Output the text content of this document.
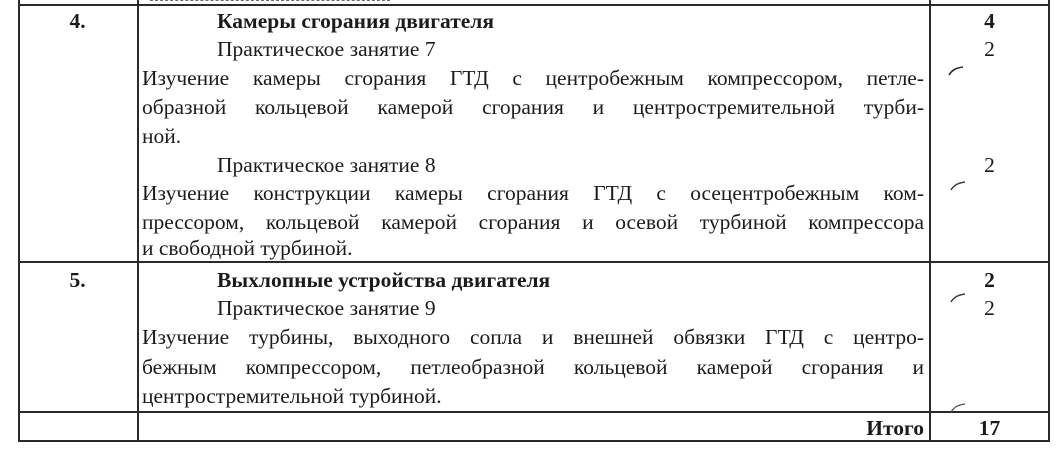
4.	Камеры сгорания двигателя	4
Практическое занятие 7	2
Изучение камеры сгорания ГТД с центробежным компрессором, петле-
образной кольцевой камерой сгорания и центростремительной турби-
ной.
Практическое занятие 8	2
Изучение конструкции камеры сгорания ГТД с осецентробежным ком-
прессором, кольцевой камерой сгорания и осевой турбиной компрессора
и свободной турбиной.
5.	Выхлопные устройства двигателя	2
Практическое занятие 9	2
Изучение турбины, выходного сопла и внешней обвязки ГТД с центро-
бежным компрессором, петлеобразной кольцевой камерой сгорания и
центростремительной турбиной.
Итого	17
